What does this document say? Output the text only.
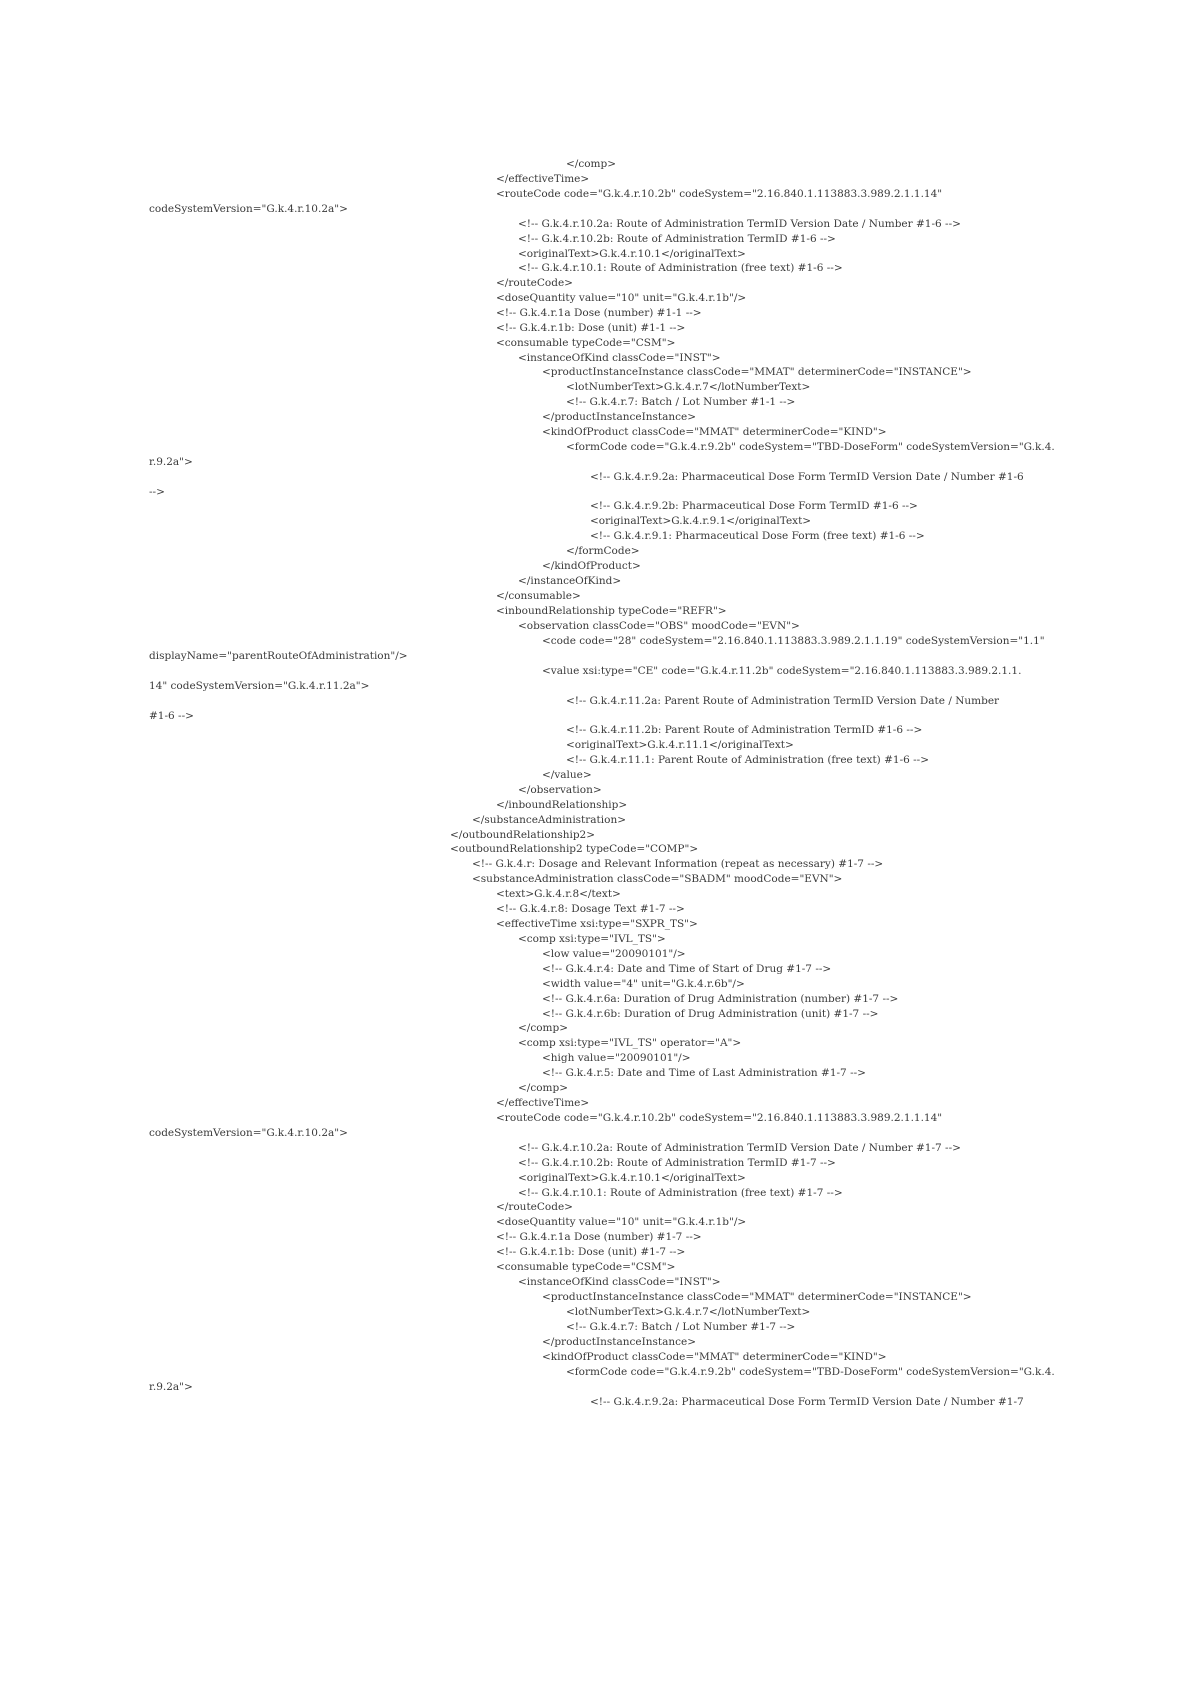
</comp>
</effectiveTime>
<routeCode code="G.k.4.r.10.2b" codeSystem="2.16.840.1.113883.3.989.2.1.1.14"
codeSystemVersion="G.k.4.r.10.2a">
<!-- G.k.4.r.10.2a: Route of Administration TermID Version Date / Number #1-6 -->
<!-- G.k.4.r.10.2b: Route of Administration TermID #1-6 -->
<originalText>G.k.4.r.10.1</originalText>
<!-- G.k.4.r.10.1: Route of Administration (free text) #1-6 -->
</routeCode>
<doseQuantity value="10" unit="G.k.4.r.1b"/>
<!-- G.k.4.r.1a Dose (number) #1-1 -->
<!-- G.k.4.r.1b: Dose (unit) #1-1 -->
<consumable typeCode="CSM">
<instanceOfKind classCode="INST">
<productInstanceInstance classCode="MMAT" determinerCode="INSTANCE">
<lotNumberText>G.k.4.r.7</lotNumberText>
<!-- G.k.4.r.7: Batch / Lot Number #1-1 -->
</productInstanceInstance>
<kindOfProduct classCode="MMAT" determinerCode="KIND">
<formCode code="G.k.4.r.9.2b" codeSystem="TBD-DoseForm" codeSystemVersion="G.k.4.
r.9.2a">
<!-- G.k.4.r.9.2a: Pharmaceutical Dose Form TermID Version Date / Number #1-6
-->
<!-- G.k.4.r.9.2b: Pharmaceutical Dose Form TermID #1-6 -->
<originalText>G.k.4.r.9.1</originalText>
<!-- G.k.4.r.9.1: Pharmaceutical Dose Form (free text) #1-6 -->
</formCode>
</kindOfProduct>
</instanceOfKind>
</consumable>
<inboundRelationship typeCode="REFR">
<observation classCode="OBS" moodCode="EVN">
<code code="28" codeSystem="2.16.840.1.113883.3.989.2.1.1.19" codeSystemVersion="1.1"
displayName="parentRouteOfAdministration"/>
<value xsi:type="CE" code="G.k.4.r.11.2b" codeSystem="2.16.840.1.113883.3.989.2.1.1.
14" codeSystemVersion="G.k.4.r.11.2a">
<!-- G.k.4.r.11.2a: Parent Route of Administration TermID Version Date / Number
#1-6 -->
<!-- G.k.4.r.11.2b: Parent Route of Administration TermID #1-6 -->
<originalText>G.k.4.r.11.1</originalText>
<!-- G.k.4.r.11.1: Parent Route of Administration (free text) #1-6 -->
</value>
</observation>
</inboundRelationship>
</substanceAdministration>
</outboundRelationship2>
<outboundRelationship2 typeCode="COMP">
<!-- G.k.4.r: Dosage and Relevant Information (repeat as necessary) #1-7 -->
<substanceAdministration classCode="SBADM" moodCode="EVN">
<text>G.k.4.r.8</text>
<!-- G.k.4.r.8: Dosage Text #1-7 -->
<effectiveTime xsi:type="SXPR_TS">
<comp xsi:type="IVL_TS">
<low value="20090101"/>
<!-- G.k.4.r.4: Date and Time of Start of Drug #1-7 -->
<width value="4" unit="G.k.4.r.6b"/>
<!-- G.k.4.r.6a: Duration of Drug Administration (number) #1-7 -->
<!-- G.k.4.r.6b: Duration of Drug Administration (unit) #1-7 -->
</comp>
<comp xsi:type="IVL_TS" operator="A">
<high value="20090101"/>
<!-- G.k.4.r.5: Date and Time of Last Administration #1-7 -->
</comp>
</effectiveTime>
<routeCode code="G.k.4.r.10.2b" codeSystem="2.16.840.1.113883.3.989.2.1.1.14"
codeSystemVersion="G.k.4.r.10.2a">
<!-- G.k.4.r.10.2a: Route of Administration TermID Version Date / Number #1-7 -->
<!-- G.k.4.r.10.2b: Route of Administration TermID #1-7 -->
<originalText>G.k.4.r.10.1</originalText>
<!-- G.k.4.r.10.1: Route of Administration (free text) #1-7 -->
</routeCode>
<doseQuantity value="10" unit="G.k.4.r.1b"/>
<!-- G.k.4.r.1a Dose (number) #1-7 -->
<!-- G.k.4.r.1b: Dose (unit) #1-7 -->
<consumable typeCode="CSM">
<instanceOfKind classCode="INST">
<productInstanceInstance classCode="MMAT" determinerCode="INSTANCE">
<lotNumberText>G.k.4.r.7</lotNumberText>
<!-- G.k.4.r.7: Batch / Lot Number #1-7 -->
</productInstanceInstance>
<kindOfProduct classCode="MMAT" determinerCode="KIND">
<formCode code="G.k.4.r.9.2b" codeSystem="TBD-DoseForm" codeSystemVersion="G.k.4.
r.9.2a">
<!-- G.k.4.r.9.2a: Pharmaceutical Dose Form TermID Version Date / Number #1-7
